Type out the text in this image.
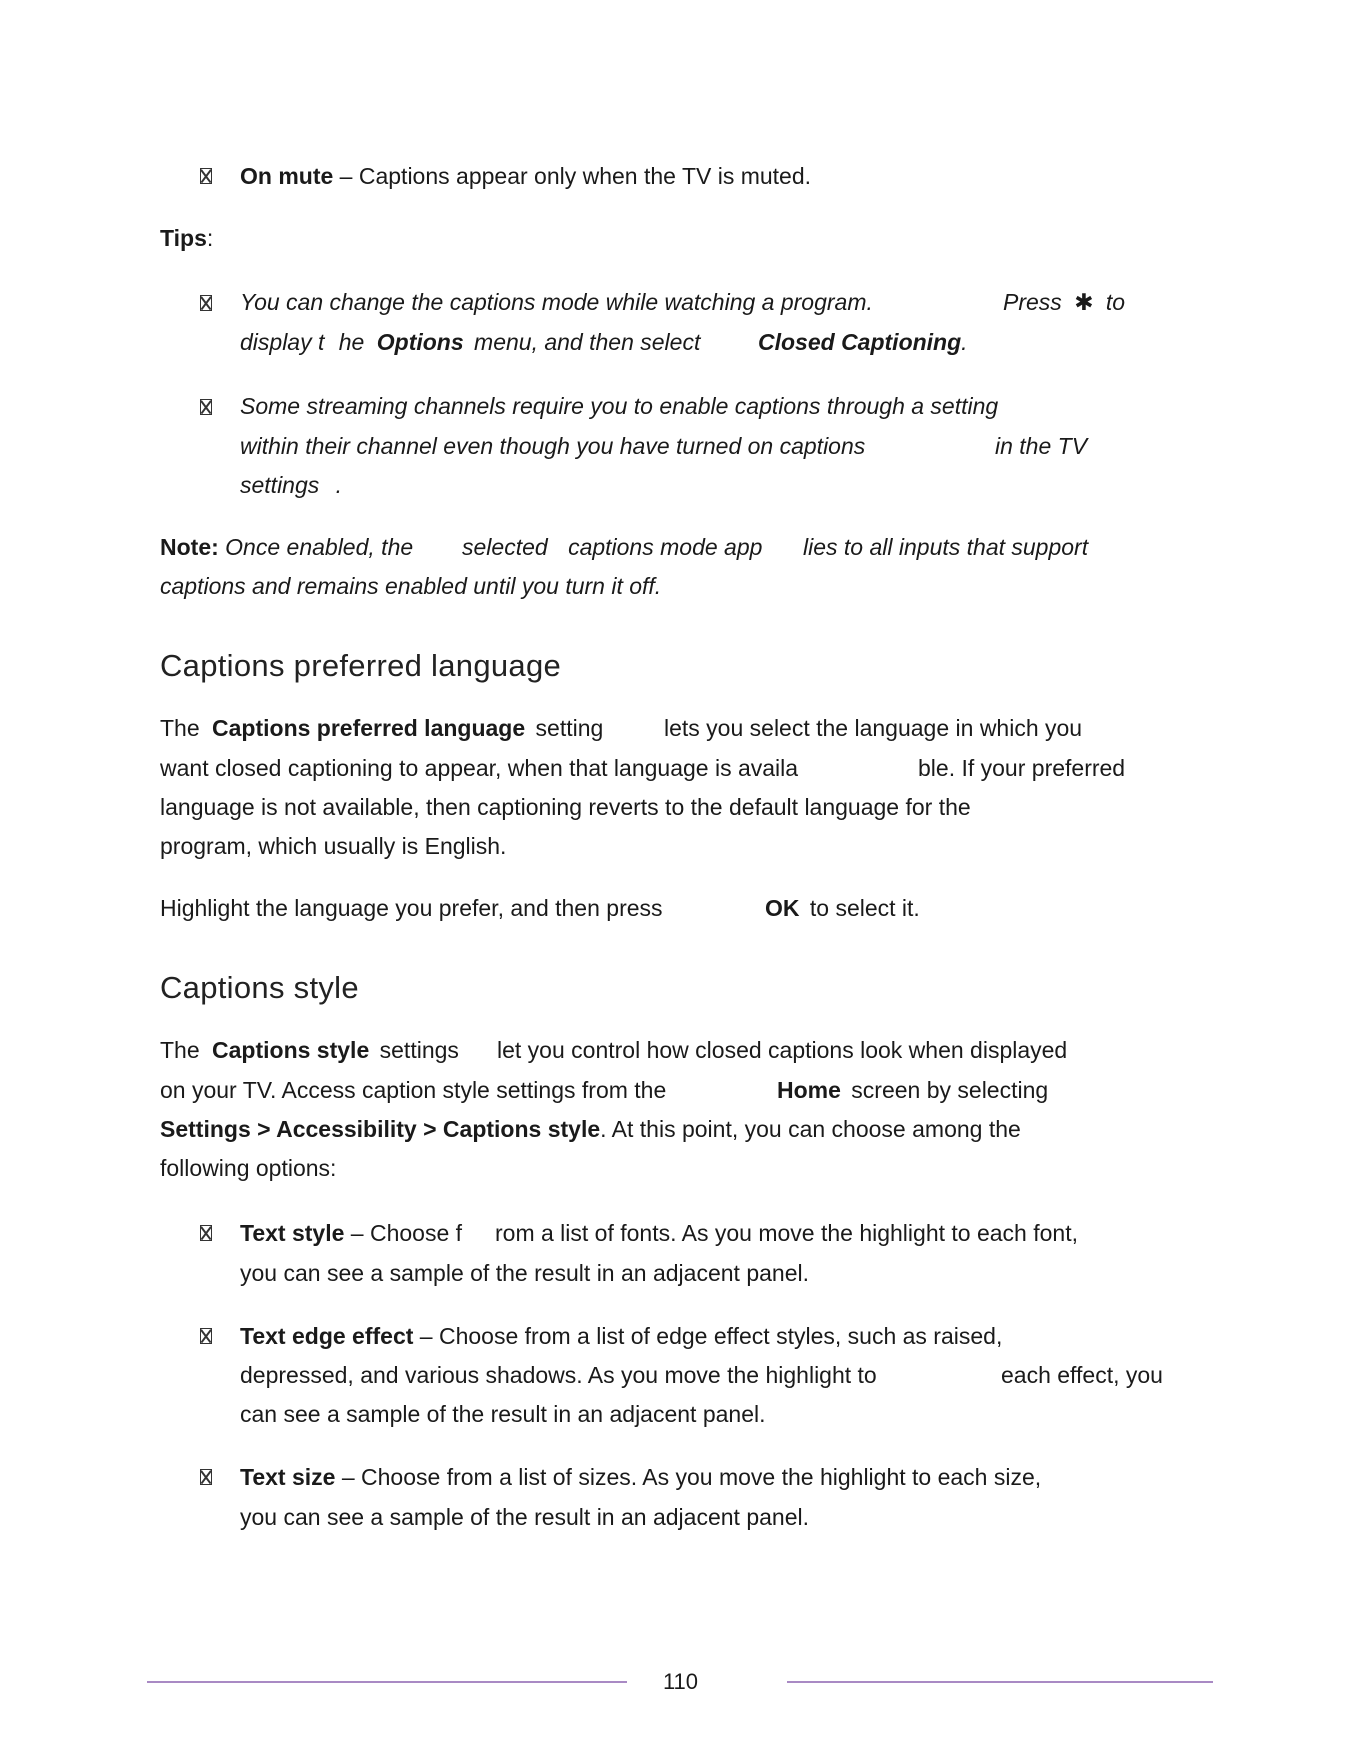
On mute – Captions appear only when the TV is muted.
Tips:
You can change the captions mode while watching a program.	Press ✱ to
display t he Options menu, and then select	Closed Captioning.
Some streaming channels require you to enable captions through a setting
within their channel even though you have turned on captions	in the TV
settings .
Note: Once enabled, the selected captions mode app lies to all inputs that support
captions and remains enabled until you turn it off.
Captions preferred language
The Captions preferred language setting	lets you select the language in which you
want closed captioning to appear, when that language is availa	ble. If your preferred
language is not available, then captioning reverts to the default language for the
program, which usually is English.
Highlight the language you prefer, and then press	OK to select it.
Captions style
The Captions style settings let you control how closed captions look when displayed
on your TV. Access caption style settings from the	Home screen by selecting
Settings > Accessibility > Captions style. At this point, you can choose among the
following options:
Text style – Choose f rom a list of fonts. As you move the highlight to each font,
you can see a sample of the result in an adjacent panel.
Text edge effect – Choose from a list of edge effect styles, such as raised,
depressed, and various shadows. As you move the highlight to	each effect, you
can see a sample of the result in an adjacent panel.
Text size – Choose from a list of sizes. As you move the highlight to each size,
you can see a sample of the result in an adjacent panel.
110
